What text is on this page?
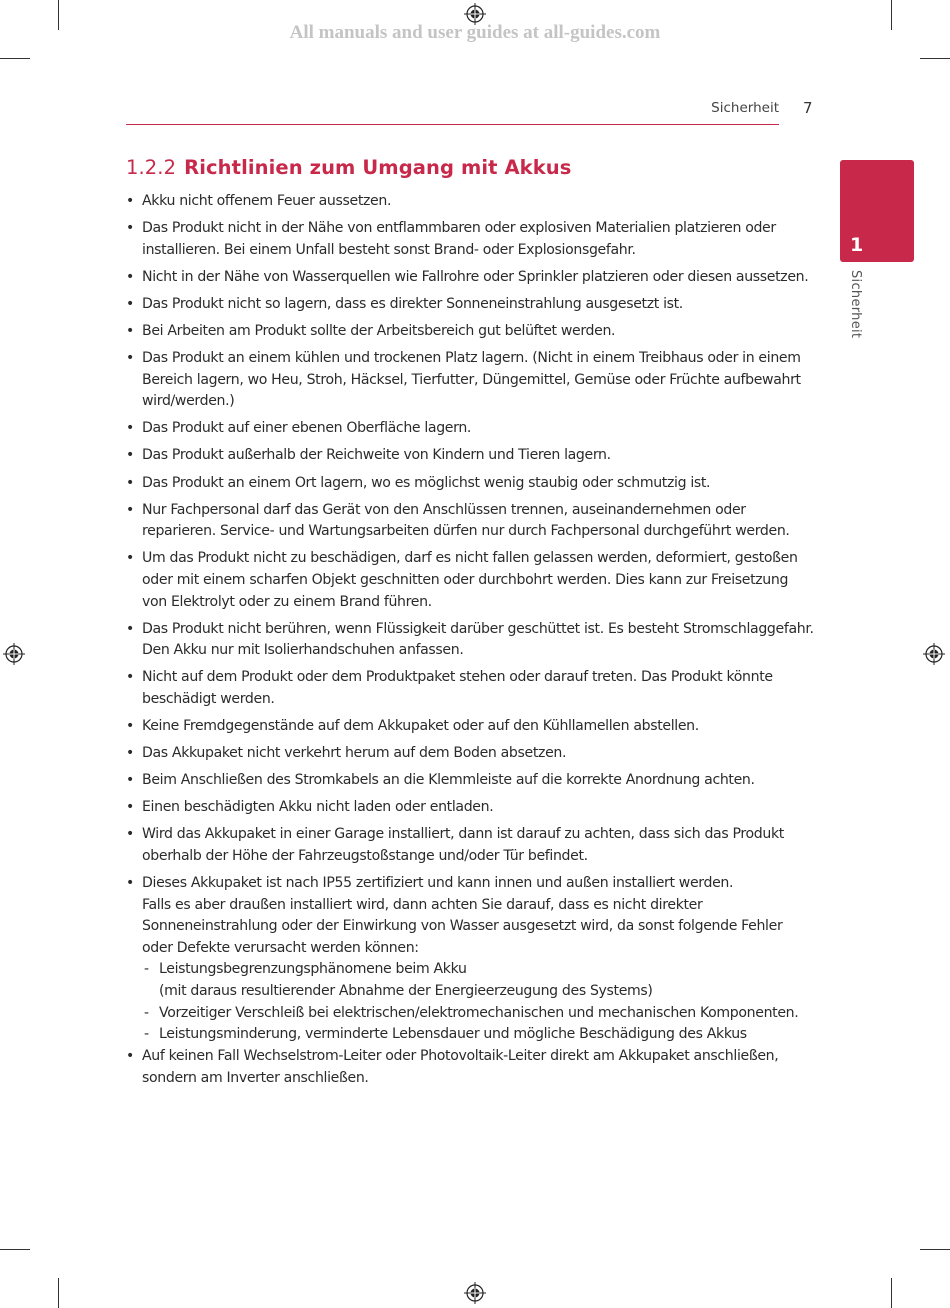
All manuals and user guides at all-guides.com
Sicherheit 7
1
Sicherheit
1.2.2 Richtlinien zum Umgang mit Akkus
• Akku nicht offenem Feuer aussetzen.
• Das Produkt nicht in der Nähe von entflammbaren oder explosiven Materialien platzieren oder installieren. Bei einem Unfall besteht sonst Brand- oder Explosionsgefahr.
• Nicht in der Nähe von Wasserquellen wie Fallrohre oder Sprinkler platzieren oder diesen aussetzen.
• Das Produkt nicht so lagern, dass es direkter Sonneneinstrahlung ausgesetzt ist.
• Bei Arbeiten am Produkt sollte der Arbeitsbereich gut belüftet werden.
• Das Produkt an einem kühlen und trockenen Platz lagern. (Nicht in einem Treibhaus oder in einem Bereich lagern, wo Heu, Stroh, Häcksel, Tierfutter, Düngemittel, Gemüse oder Früchte aufbewahrt wird/werden.)
• Das Produkt auf einer ebenen Oberfläche lagern.
• Das Produkt außerhalb der Reichweite von Kindern und Tieren lagern.
• Das Produkt an einem Ort lagern, wo es möglichst wenig staubig oder schmutzig ist.
• Nur Fachpersonal darf das Gerät von den Anschlüssen trennen, auseinandernehmen oder reparieren. Service- und Wartungsarbeiten dürfen nur durch Fachpersonal durchgeführt werden.
• Um das Produkt nicht zu beschädigen, darf es nicht fallen gelassen werden, deformiert, gestoßen oder mit einem scharfen Objekt geschnitten oder durchbohrt werden. Dies kann zur Freisetzung von Elektrolyt oder zu einem Brand führen.
• Das Produkt nicht berühren, wenn Flüssigkeit darüber geschüttet ist. Es besteht Stromschlaggefahr. Den Akku nur mit Isolierhandschuhen anfassen.
• Nicht auf dem Produkt oder dem Produktpaket stehen oder darauf treten. Das Produkt könnte beschädigt werden.
• Keine Fremdgegenstände auf dem Akkupaket oder auf den Kühllamellen abstellen.
• Das Akkupaket nicht verkehrt herum auf dem Boden absetzen.
• Beim Anschließen des Stromkabels an die Klemmleiste auf die korrekte Anordnung achten.
• Einen beschädigten Akku nicht laden oder entladen.
• Wird das Akkupaket in einer Garage installiert, dann ist darauf zu achten, dass sich das Produkt oberhalb der Höhe der Fahrzeugstoßstange und/oder Tür befindet.

• Dieses Akkupaket ist nach IP55 zertifiziert und kann innen und außen installiert werden.

Falls es aber draußen installiert wird, dann achten Sie darauf, dass es nicht direkter Sonneneinstrahlung oder der Einwirkung von Wasser ausgesetzt wird, da sonst folgende Fehler oder Defekte verursacht werden können:

- Leistungsbegrenzungsphänomene beim Akku
(mit daraus resultierender Abnahme der Energieerzeugung des Systems)
- Vorzeitiger Verschleiß bei elektrischen/elektromechanischen und mechanischen Komponenten.
- Leistungsminderung, verminderte Lebensdauer und mögliche Beschädigung des Akkus
• Auf keinen Fall Wechselstrom-Leiter oder Photovoltaik-Leiter direkt am Akkupaket anschließen, sondern am Inverter anschließen.
